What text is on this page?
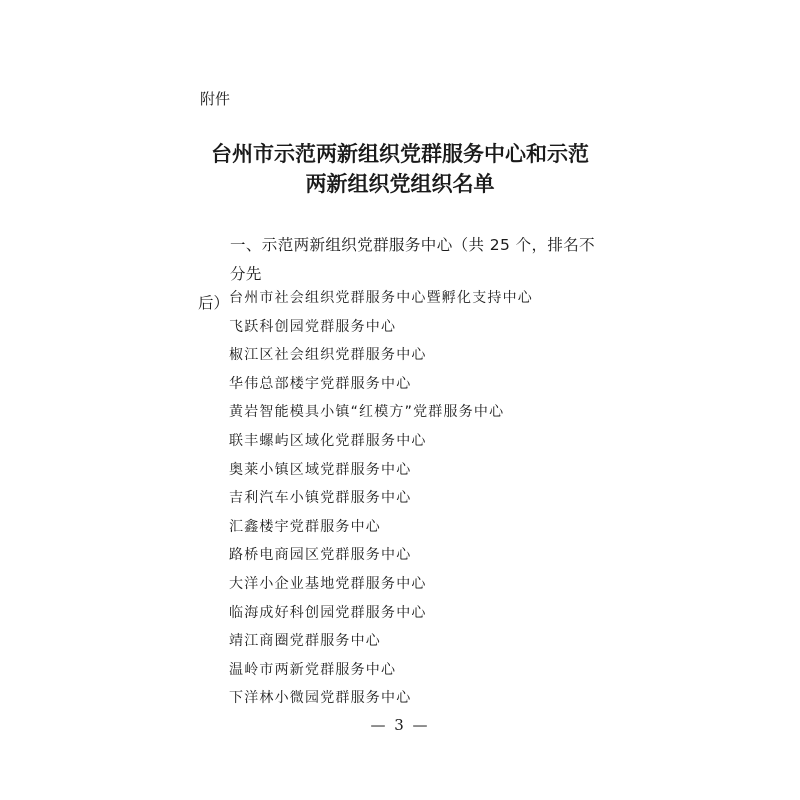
附件
台州市示范两新组织党群服务中心和示范
两新组织党组织名单
一、示范两新组织党群服务中心（共 25 个，排名不分先
后） 台州市社会组织党群服务中心暨孵化支持中心
飞跃科创园党群服务中心
椒江区社会组织党群服务中心
华伟总部楼宇党群服务中心
黄岩智能模具小镇“红模方”党群服务中心
联丰螺屿区域化党群服务中心
奥莱小镇区域党群服务中心
吉利汽车小镇党群服务中心
汇鑫楼宇党群服务中心
路桥电商园区党群服务中心
大洋小企业基地党群服务中心
临海成好科创园党群服务中心
靖江商圈党群服务中心
温岭市两新党群服务中心
下洋林小微园党群服务中心
— 3 —
